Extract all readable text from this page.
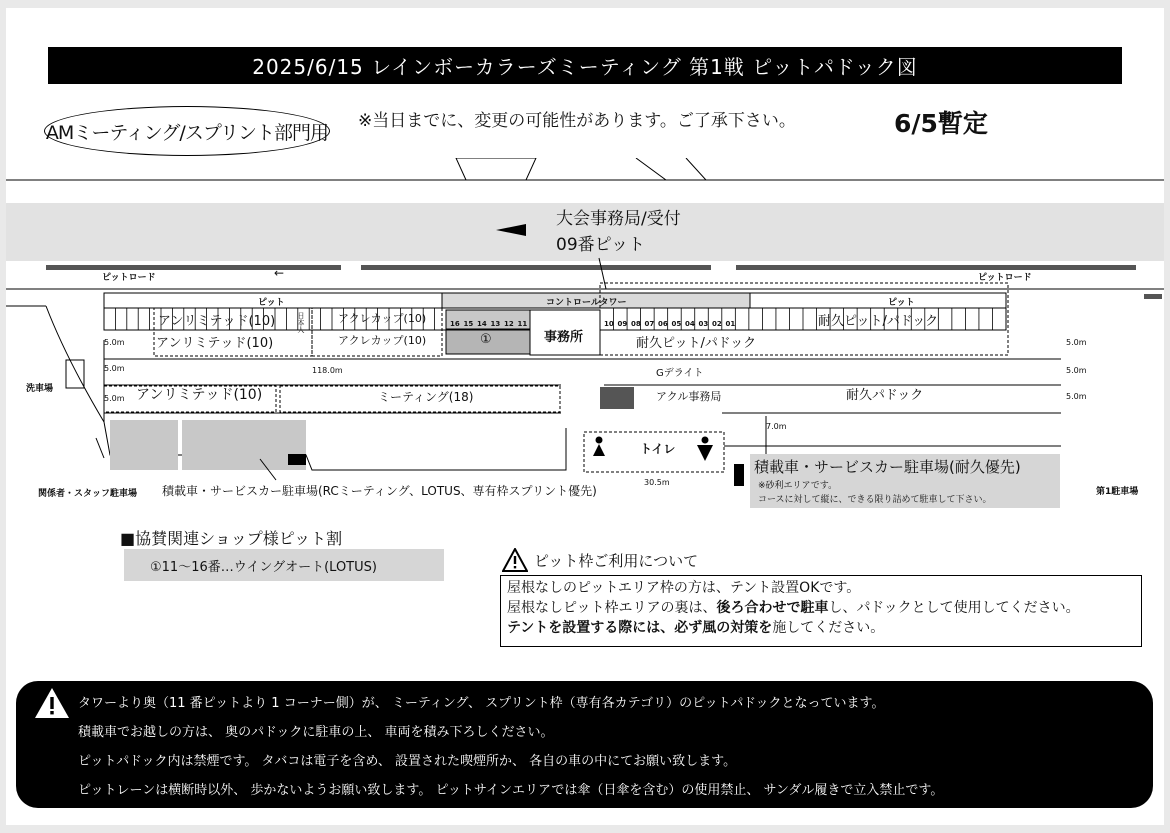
2025/6/15 レインボーカラーズミーティング 第1戦 ピットパドック図
AMミーティング/スプリント部門用
※当日までに、変更の可能性があります。ご了承下さい。	6/5暫定
大会事務局/受付
09番ピット
ピットロード	←	ピットロード
ピット	コントロールタワー	ピット
16 15 14 13 12 11	10 09 08 07 06 05 04 03 02 01
アンリミテッド(10)	アクレカップ(10)	耐久ピット/パドック
アンリミテッド(10)	アクレカップ(10)	①	事務所	耐久ピット/パドック
日本人
5.0m
5.0m
5.0m
118.0m
5.0m
5.0m
5.0m
7.0m
30.5m
Gデライト
アンリミテッド(10)	ミーティング(18)	アクル事務局	耐久パドック
洗車場
トイレ
関係者・スタッフ駐車場 積載車・サービスカー駐車場(RCミーティング、LOTUS、専有枠スプリント優先)
積載車・サービスカー駐車場(耐久優先)
※砂利エリアです。
コースに対して縦に、できる限り詰めて駐車して下さい。
第1駐車場
■協賛関連ショップ様ピット割
①11～16番…ウイングオート(LOTUS)	ピット枠ご利用について
屋根なしのピットエリア枠の方は、テント設置OKです。
屋根なしピット枠エリアの裏は、後ろ合わせで駐車し、パドックとして使用してください。
テントを設置する際には、必ず風の対策を施してください。
タワーより奥（11 番ピットより 1 コーナー側）が、 ミーティング、 スプリント枠（専有各カテゴリ）のピットパドックとなっています。
積載車でお越しの方は、 奥のパドックに駐車の上、 車両を積み下ろしください。
ピットパドック内は禁煙です。 タバコは電子を含め、 設置された喫煙所か、 各自の車の中にてお願い致します。
ピットレーンは横断時以外、 歩かないようお願い致します。 ピットサインエリアでは傘（日傘を含む）の使用禁止、 サンダル履きで立入禁止です。
